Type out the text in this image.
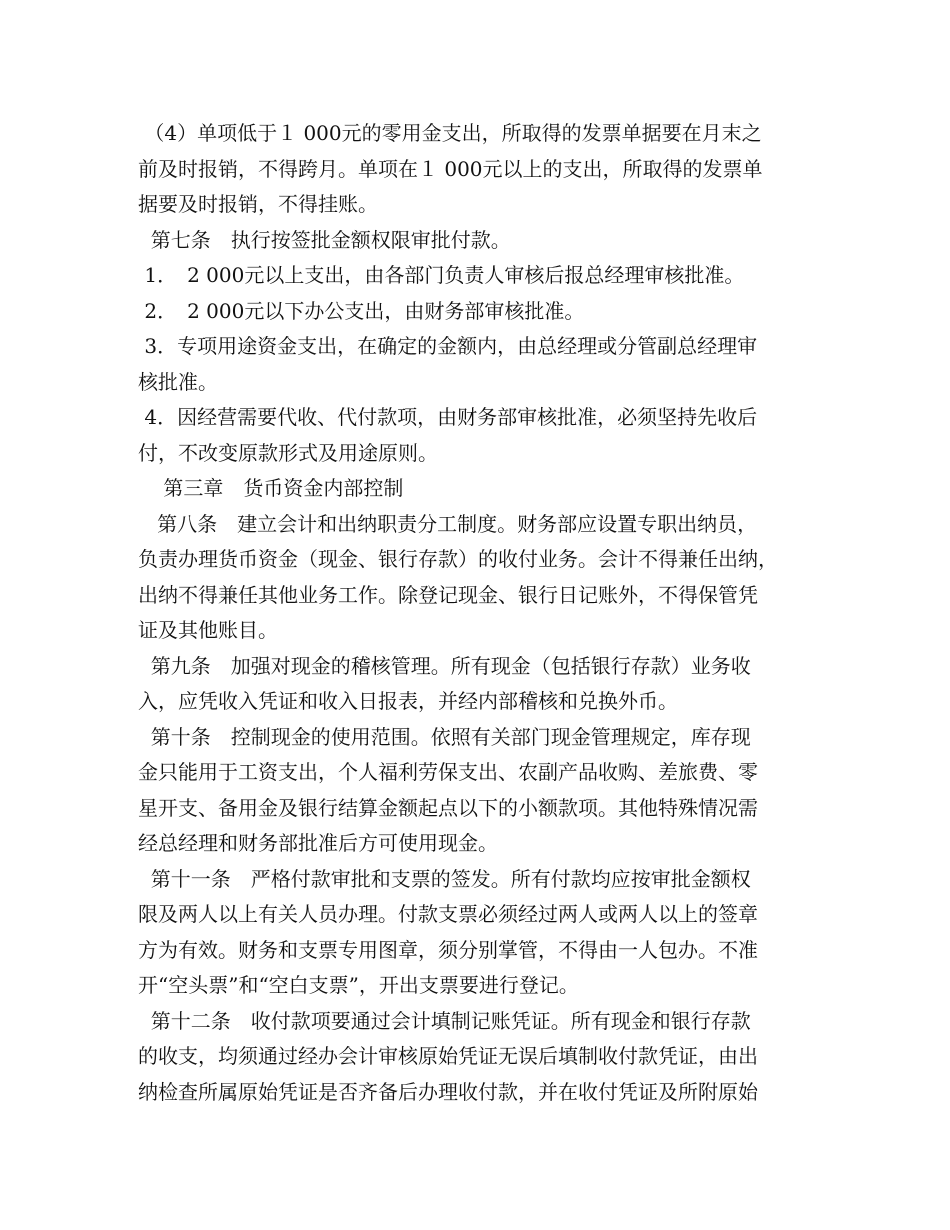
（4）单项低于１ 000元的零用金支出，所取得的发票单据要在月末之
前及时报销，不得跨月。单项在１ 000元以上的支出，所取得的发票单
据要及时报销，不得挂账。
第七条　执行按签批金额权限审批付款。
1．　2 000元以上支出，由各部门负责人审核后报总经理审核批准。
2．　2 000元以下办公支出，由财务部审核批准。
3．专项用途资金支出，在确定的金额内，由总经理或分管副总经理审
核批准。
4．因经营需要代收、代付款项，由财务部审核批准，必须坚持先收后
付，不改变原款形式及用途原则。
第三章　货币资金内部控制
第八条　建立会计和出纳职责分工制度。财务部应设置专职出纳员，
负责办理货币资金（现金、银行存款）的收付业务。会计不得兼任出纳，
出纳不得兼任其他业务工作。除登记现金、银行日记账外，不得保管凭
证及其他账目。
第九条　加强对现金的稽核管理。所有现金（包括银行存款）业务收
入，应凭收入凭证和收入日报表，并经内部稽核和兑换外币。
第十条　控制现金的使用范围。依照有关部门现金管理规定，库存现
金只能用于工资支出，个人福利劳保支出、农副产品收购、差旅费、零
星开支、备用金及银行结算金额起点以下的小额款项。其他特殊情况需
经总经理和财务部批准后方可使用现金。
第十一条　严格付款审批和支票的签发。所有付款均应按审批金额权
限及两人以上有关人员办理。付款支票必须经过两人或两人以上的签章
方为有效。财务和支票专用图章，须分别掌管，不得由一人包办。不准
开“空头票”和“空白支票”，开出支票要进行登记。
第十二条　收付款项要通过会计填制记账凭证。所有现金和银行存款
的收支，均须通过经办会计审核原始凭证无误后填制收付款凭证，由出
纳检查所属原始凭证是否齐备后办理收付款，并在收付凭证及所附原始
